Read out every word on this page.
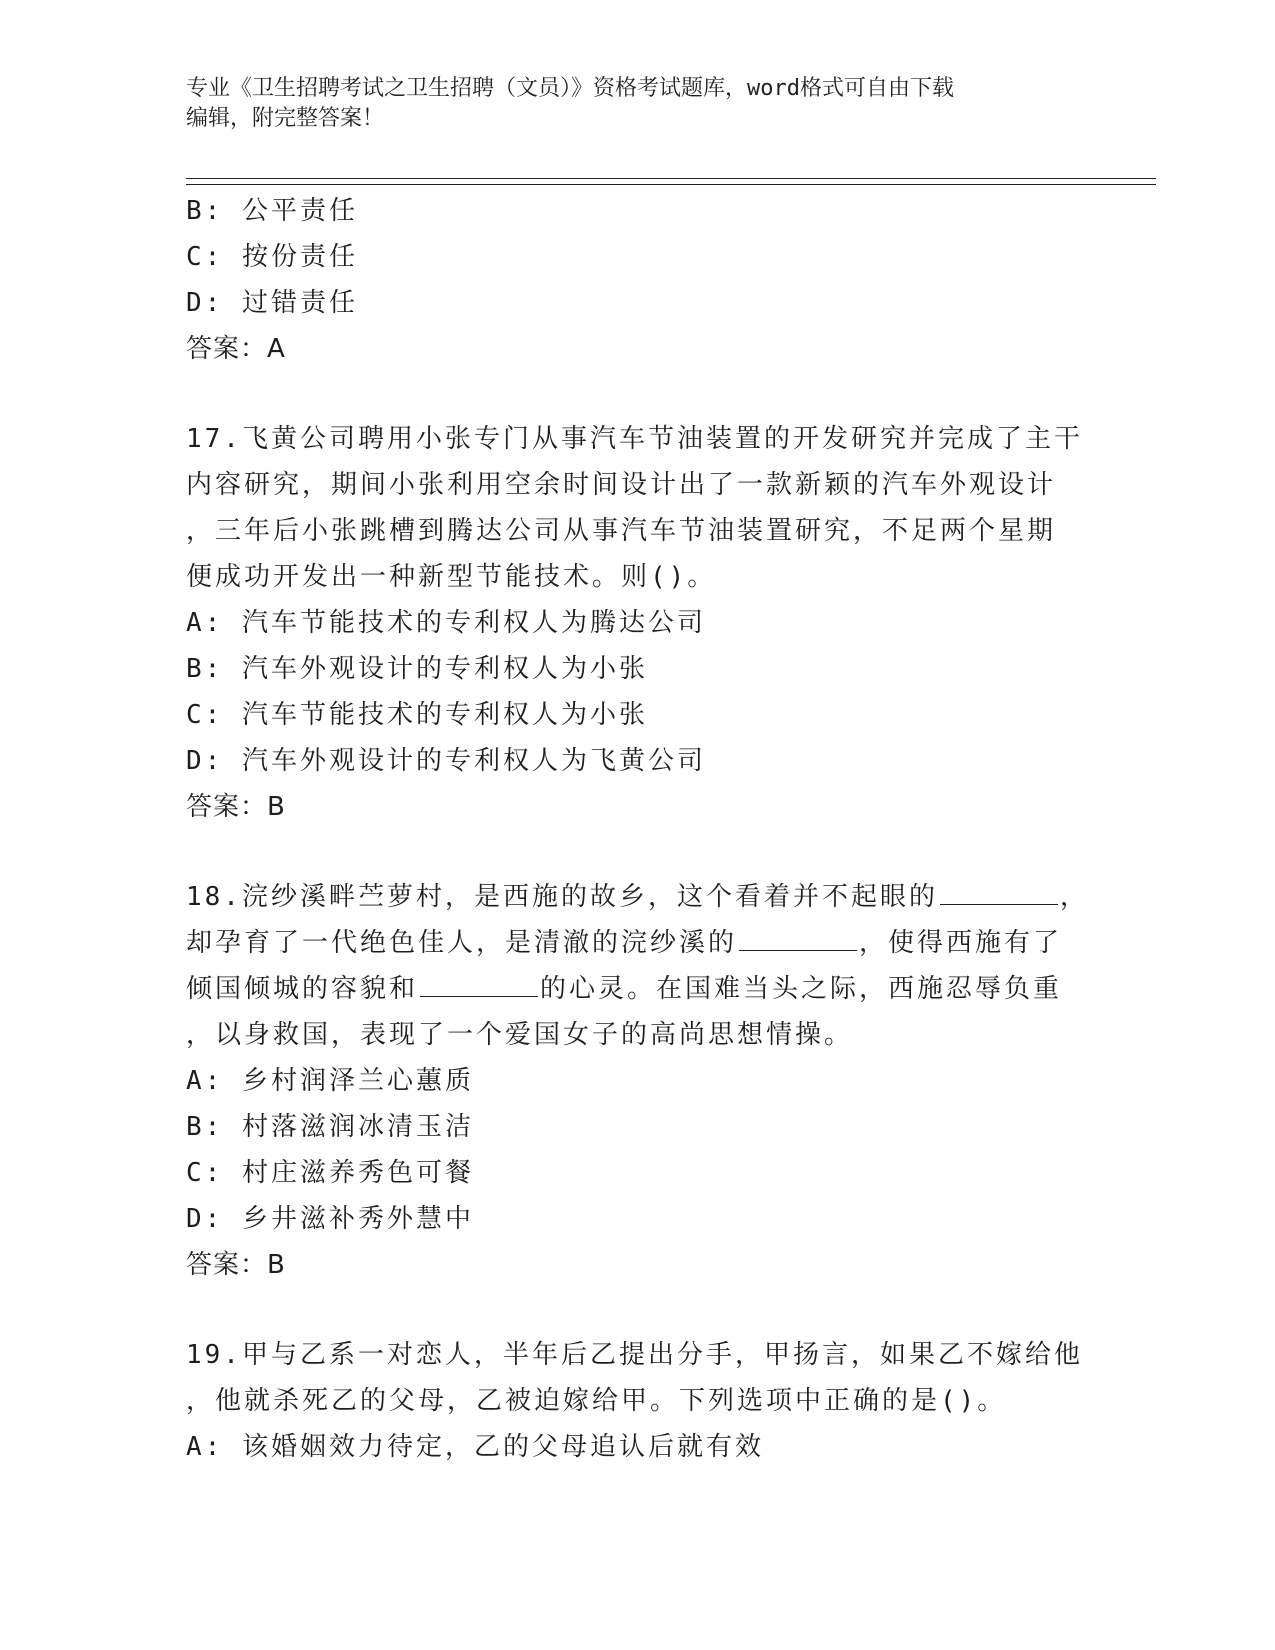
专业《卫生招聘考试之卫生招聘（文员）》资格考试题库，word格式可自由下载
编辑，附完整答案！
B: 公平责任
C: 按份责任
D: 过错责任
答案：A
17.飞黄公司聘用小张专门从事汽车节油装置的开发研究并完成了主干
内容研究，期间小张利用空余时间设计出了一款新颖的汽车外观设计
，三年后小张跳槽到腾达公司从事汽车节油装置研究，不足两个星期
便成功开发出一种新型节能技术。则()。
A: 汽车节能技术的专利权人为腾达公司
B: 汽车外观设计的专利权人为小张
C: 汽车节能技术的专利权人为小张
D: 汽车外观设计的专利权人为飞黄公司
答案：B
18.浣纱溪畔苎萝村，是西施的故乡，这个看着并不起眼的	，
却孕育了一代绝色佳人，是清澈的浣纱溪的	，使得西施有了
倾国倾城的容貌和	的心灵。在国难当头之际，西施忍辱负重
，以身救国，表现了一个爱国女子的高尚思想情操。
A: 乡村润泽兰心蕙质
B: 村落滋润冰清玉洁
C: 村庄滋养秀色可餐
D: 乡井滋补秀外慧中
答案：B
19.甲与乙系一对恋人，半年后乙提出分手，甲扬言，如果乙不嫁给他
，他就杀死乙的父母，乙被迫嫁给甲。下列选项中正确的是()。
A: 该婚姻效力待定，乙的父母追认后就有效
